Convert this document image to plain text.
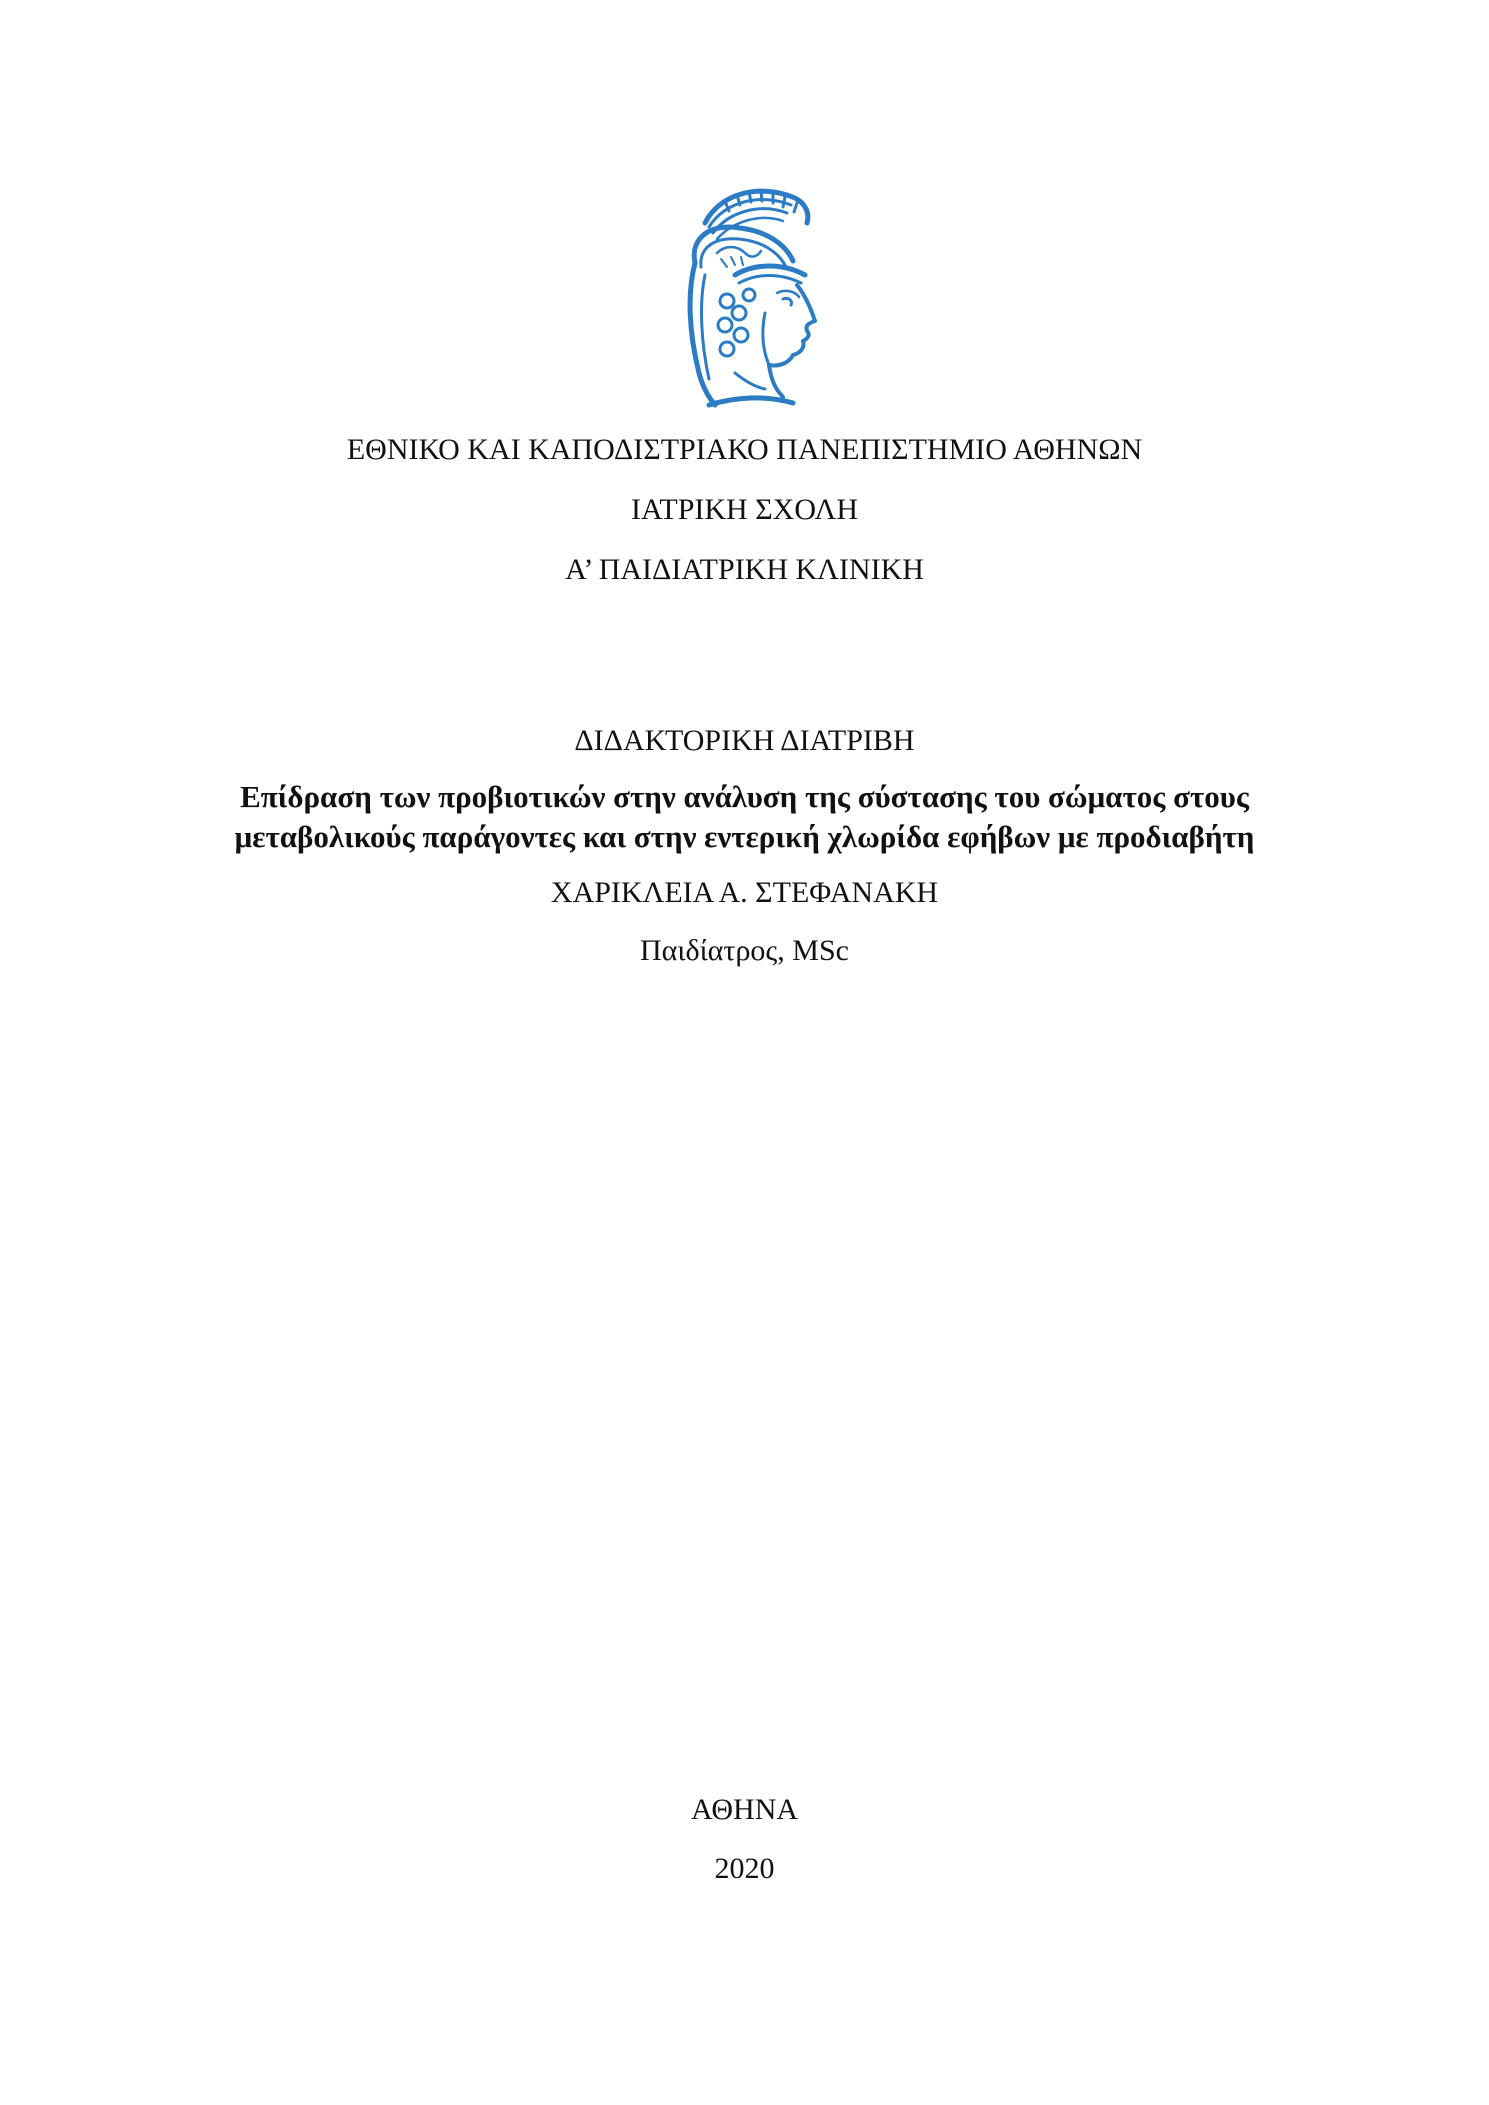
ΕΘΝΙΚΟ ΚΑΙ ΚΑΠΟΔΙΣΤΡΙΑΚΟ ΠΑΝΕΠΙΣΤΗΜΙΟ ΑΘΗΝΩΝ
ΙΑΤΡΙΚΗ ΣΧΟΛΗ
Α’ ΠΑΙΔΙΑΤΡΙΚΗ ΚΛΙΝΙΚΗ
ΔΙΔΑΚΤΟΡΙΚΗ ΔΙΑΤΡΙΒΗ
Επίδραση των προβιοτικών στην ανάλυση της σύστασης του σώματος στους
μεταβολικούς παράγοντες και στην εντερική χλωρίδα εφήβων με προδιαβήτη
ΧΑΡΙΚΛΕΙΑ Α. ΣΤΕΦΑΝΑΚΗ
Παιδίατρος, MSc
ΑΘΗΝΑ
2020
